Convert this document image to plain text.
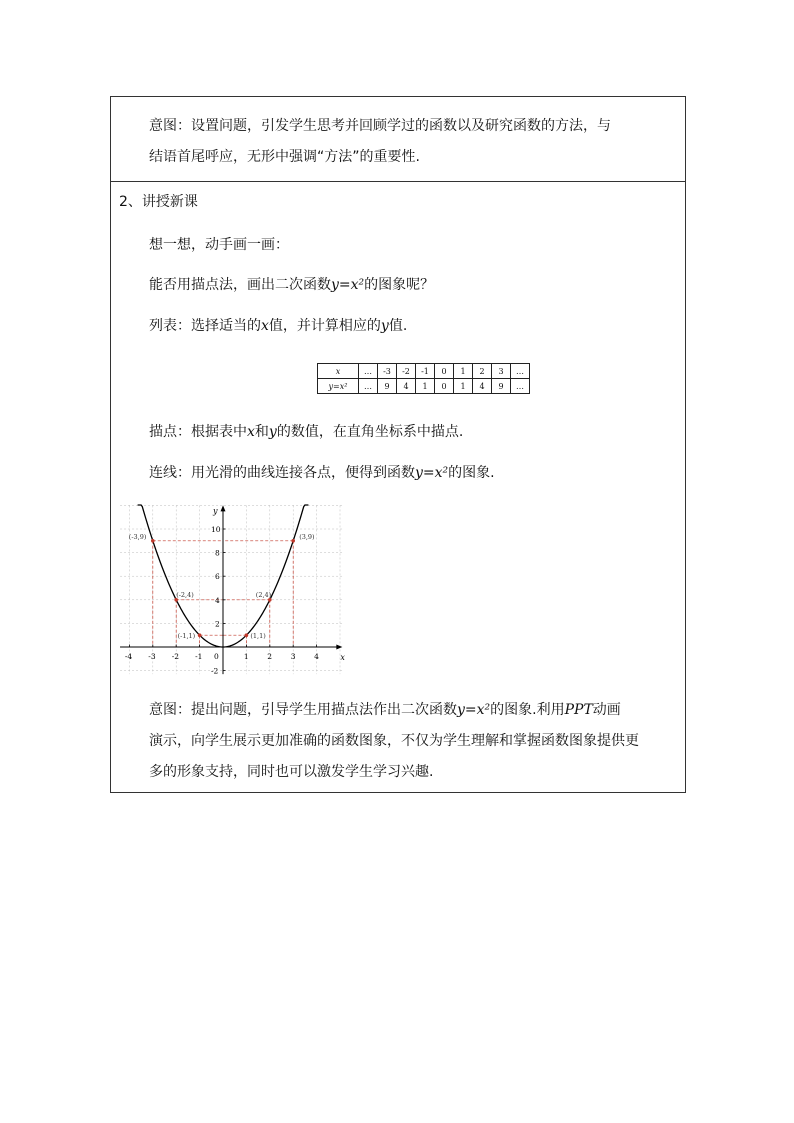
意图：设置问题，引发学生思考并回顾学过的函数以及研究函数的方法，与
结语首尾呼应，无形中强调“方法”的重要性.

2、讲授新课

想一想，动手画一画：

能否用描点法，画出二次函数y=x²的图象呢？

列表：选择适当的x值，并计算相应的y值.

x	…	-3	-2	-1	0	1	2	3	…
y=x²	…	9	4	1	0	1	4	9	…

描点：根据表中x和y的数值，在直角坐标系中描点.

连线：用光滑的曲线连接各点，便得到函数y=x²的图象.

x
y
-4 -3 -2 -1 0	1 2 3 4
10
8
6
4
2
-2
(-3,9)
(-2,4)
(-1,1)	(1,1)
(2,4)
(3,9)

意图：提出问题，引导学生用描点法作出二次函数y=x²的图象.利用PPT动画
演示，向学生展示更加准确的函数图象，不仅为学生理解和掌握函数图象提供更
多的形象支持，同时也可以激发学生学习兴趣.
